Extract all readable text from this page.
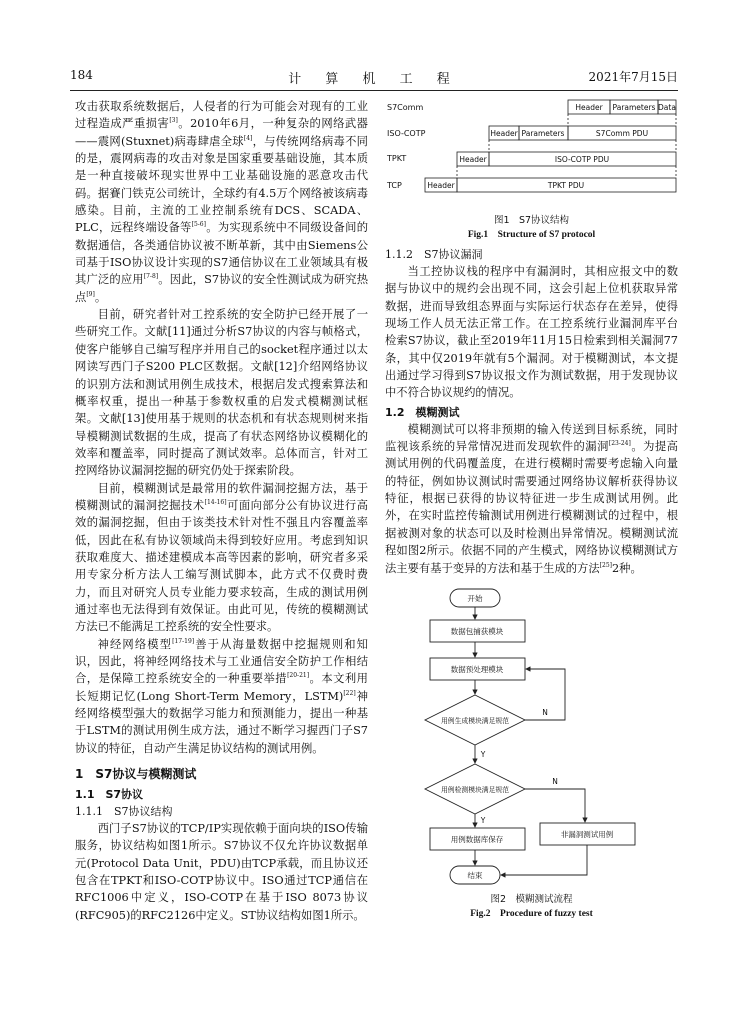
184	计 算 机 工 程	2021年7月15日

攻击获取系统数据后，人侵者的行为可能会对现有的工业过程造成严重损害[3]。2010年6月，一种复杂的网络武器——震网(Stuxnet)病毒肆虐全球[4]，与传统网络病毒不同的是，震网病毒的攻击对象是国家重要基础设施，其本质是一种直接破坏现实世界中工业基础设施的恶意攻击代码。据賽门铁克公司统计，全球约有4.5万个网络被该病毒感染。目前，主流的工业控制系统有DCS、SCADA、PLC，远程终端设备等[5-6]。为实现系统中不同级设备间的数据通信，各类通信协议被不断革新，其中由Siemens公司基于ISO协议设计实现的S7通信协议在工业领域具有极其广泛的应用[7-8]。因此，S7协议的安全性测试成为研究热点[9]。

目前，研究者针对工控系统的安全防护已经开展了一些研究工作。文献[11]通过分析S7协议的内容与帧格式，使客户能够自己编写程序并用自己的socket程序通过以太网读写西门子S200 PLC区数据。文献[12]介绍网络协议的识别方法和测试用例生成技术，根据启发式搜索算法和概率权重，提出一种基于参数权重的启发式模糊测试框架。文献[13]使用基于规则的状态机和有状态规则树来指导模糊测试数据的生成，提高了有状态网络协议模糊化的效率和覆盖率，同时提高了测试效率。总体而言，针对工控网络协议漏洞挖掘的研究仍处于探索阶段。

目前，模糊测试是最常用的软件漏洞挖掘方法，基于模糊测试的漏洞挖掘技术[14-16]可面向部分公有协议进行高效的漏洞挖掘，但由于该类技术针对性不强且内容覆盖率低，因此在私有协议领域尚未得到较好应用。考虑到知识获取难度大、描述建模成本高等因素的影响，研究者多采用专家分析方法人工编写测试脚本，此方式不仅费时费力，而且对研究人员专业能力要求较高，生成的测试用例通过率也无法得到有效保证。由此可见，传统的模糊测试方法已不能满足工控系统的安全性要求。

神经网络模型[17-19]善于从海量数据中挖掘规则和知识，因此，将神经网络技术与工业通信安全防护工作相结合，是保障工控系统安全的一种重要举措[20-21]。本文利用长短期记忆(Long Short-Term Memory，LSTM)[22]神经网络模型强大的数据学习能力和预测能力，提出一种基于LSTM的测试用例生成方法，通过不断学习握西门子S7协议的特征，自动产生满足协议结构的测试用例。

1　S7协议与模糊测试
1.1　S7协议
1.1.1　S7协议结构

西门子S7协议的TCP/IP实现依赖于面向块的ISO传输服务，协议结构如图1所示。S7协议不仅允许协议数据单元(Protocol Data Unit，PDU)由TCP承载，而且协议还包含在TPKT和ISO-COTP协议中。ISO通过TCP通信在RFC1006中定义，ISO-COTP在基于ISO 8073协议(RFC905)的RFC2126中定义。ST协议结构如图1所示。

S7Comm
ISO-COTP
TPKT
TCP
Header Parameters Data
Header Parameters	S7Comm PDU
Header	ISO-COTP PDU
Header	TPKT PDU
图1　S7协议结构
Fig.1　Structure of S7 protocol
1.1.2　S7协议漏洞

当工控协议栈的程序中有漏洞时，其相应报文中的数据与协议中的规约会出现不同，这会引起上位机获取异常数据，进而导致组态界面与实际运行状态存在差异，使得现场工作人员无法正常工作。在工控系统行业漏洞库平台检索S7协议，截止至2019年11月15日检索到相关漏洞77条，其中仅2019年就有5个漏洞。对于模糊测试，本文提出通过学习得到S7协议报文作为测试数据，用于发现协议中不符合协议规约的情况。

1.2　模糊测试

模糊测试可以将非预期的输入传送到目标系统，同时监视该系统的异常情况进而发现软件的漏洞[23-24]。为提高测试用例的代码覆盖度，在进行模糊时需要考虑输入向量的特征，例如协议测试时需要通过网络协议解析获得协议特征，根据已获得的协议特征进一步生成测试用例。此外，在实时监控传输测试用例进行模糊测试的过程中，根据被测对象的状态可以及时检测出异常情况。模糊测试流程如图2所示。依据不同的产生模式，网络协议模糊测试方法主要有基于变异的方法和基于生成的方法[25]2种。

开始
数据包捕获模块
数据预处理模块
用例生成模块满足规范
用例检测模块满足规范
用例数据库保存
非漏洞测试用例
结束
Y
Y
N
N
图2　模糊测试流程
Fig.2　Procedure of fuzzy test
